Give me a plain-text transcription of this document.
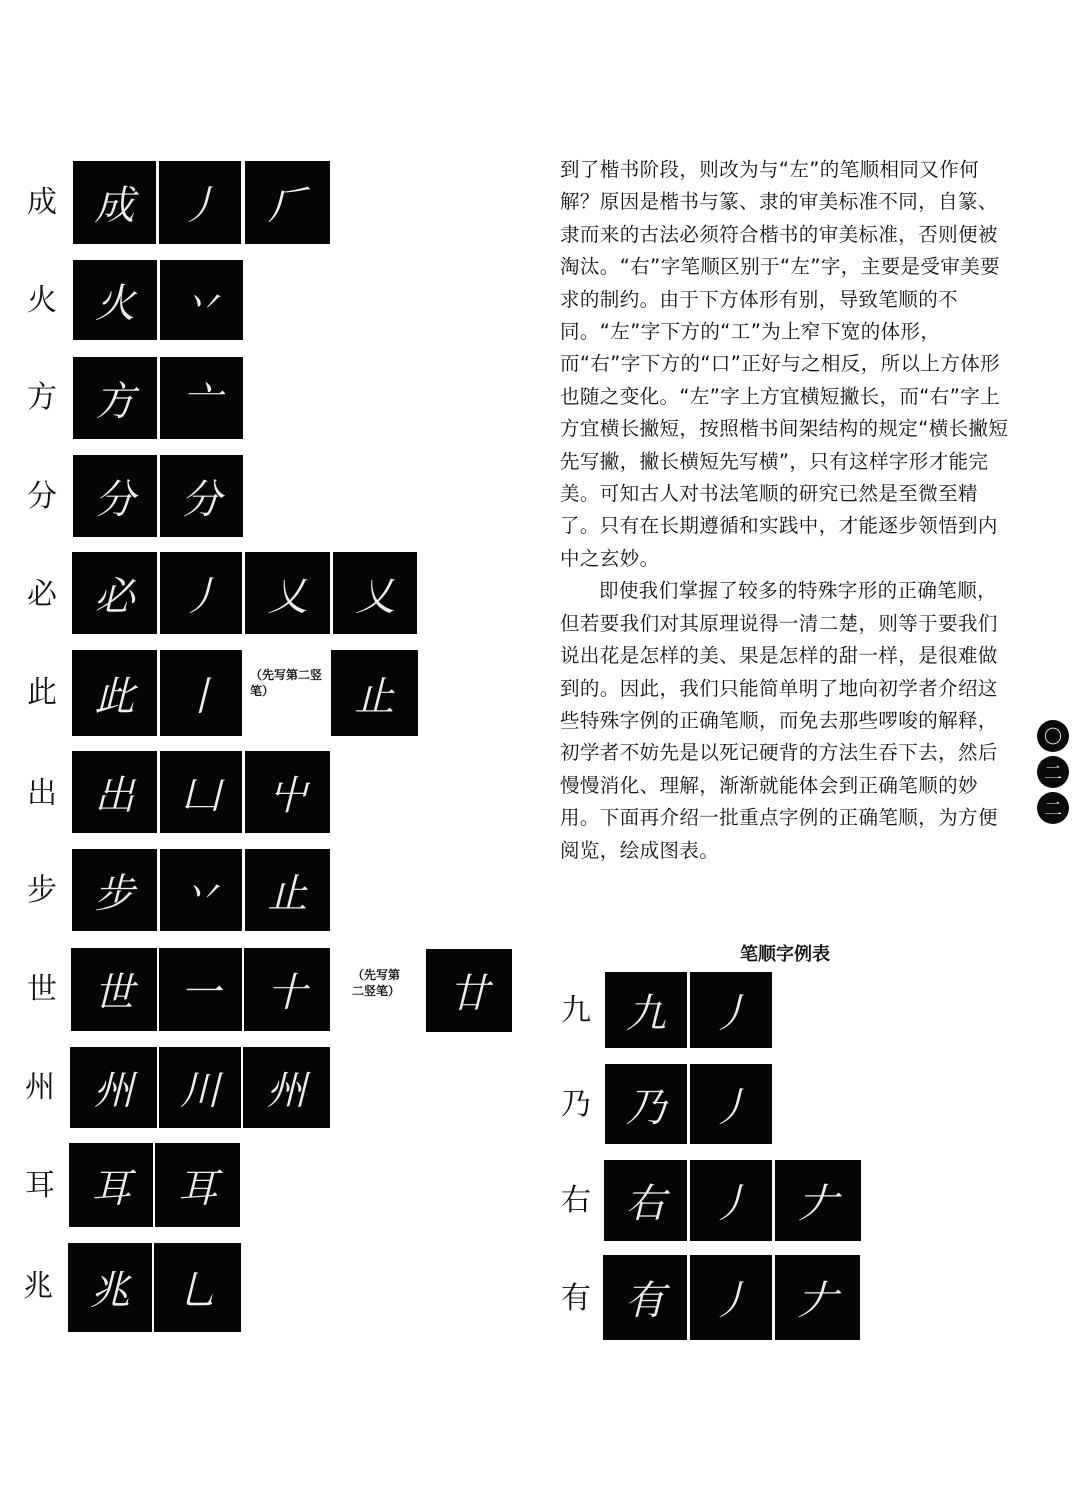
成 成	丿	𠂆
火 火	丷
方 方	亠
分 分	分
必 必	丿	乂	乂
此 此	丨	（先写第二竖笔）	止
出 出	凵	屮
步 步	丷	止
世 世	一	十	（先写第二竖笔）	廿
州 州	川	州
耳 耳	耳
兆 兆	乚

到了楷书阶段，则改为与“左”的笔顺相同又作何解？原因是楷书与篆、隶的审美标准不同，自篆、隶而来的古法必须符合楷书的审美标准，否则便被淘汰。“右”字笔顺区别于“左”字，主要是受审美要求的制约。由于下方体形有别，导致笔顺的不同。“左”字下方的“工”为上窄下宽的体形，而“右”字下方的“口”正好与之相反，所以上方体形也随之变化。“左”字上方宜横短撇长，而“右”字上方宜横长撇短，按照楷书间架结构的规定“横长撇短先写撇，撇长横短先写横”，只有这样字形才能完美。可知古人对书法笔顺的研究已然是至微至精了。只有在长期遵循和实践中，才能逐步领悟到内中之玄妙。

即使我们掌握了较多的特殊字形的正确笔顺，但若要我们对其原理说得一清二楚，则等于要我们说出花是怎样的美、果是怎样的甜一样，是很难做到的。因此，我们只能简单明了地向初学者介绍这些特殊字例的正确笔顺，而免去那些啰唆的解释，初学者不妨先是以死记硬背的方法生吞下去，然后慢慢消化、理解，渐渐就能体会到正确笔顺的妙用。下面再介绍一批重点字例的正确笔顺，为方便阅览，绘成图表。

笔顺字例表
九 九	丿
乃 乃	丿
右 右	丿	𠂇
有 有	丿	𠂇
〇
二
二
